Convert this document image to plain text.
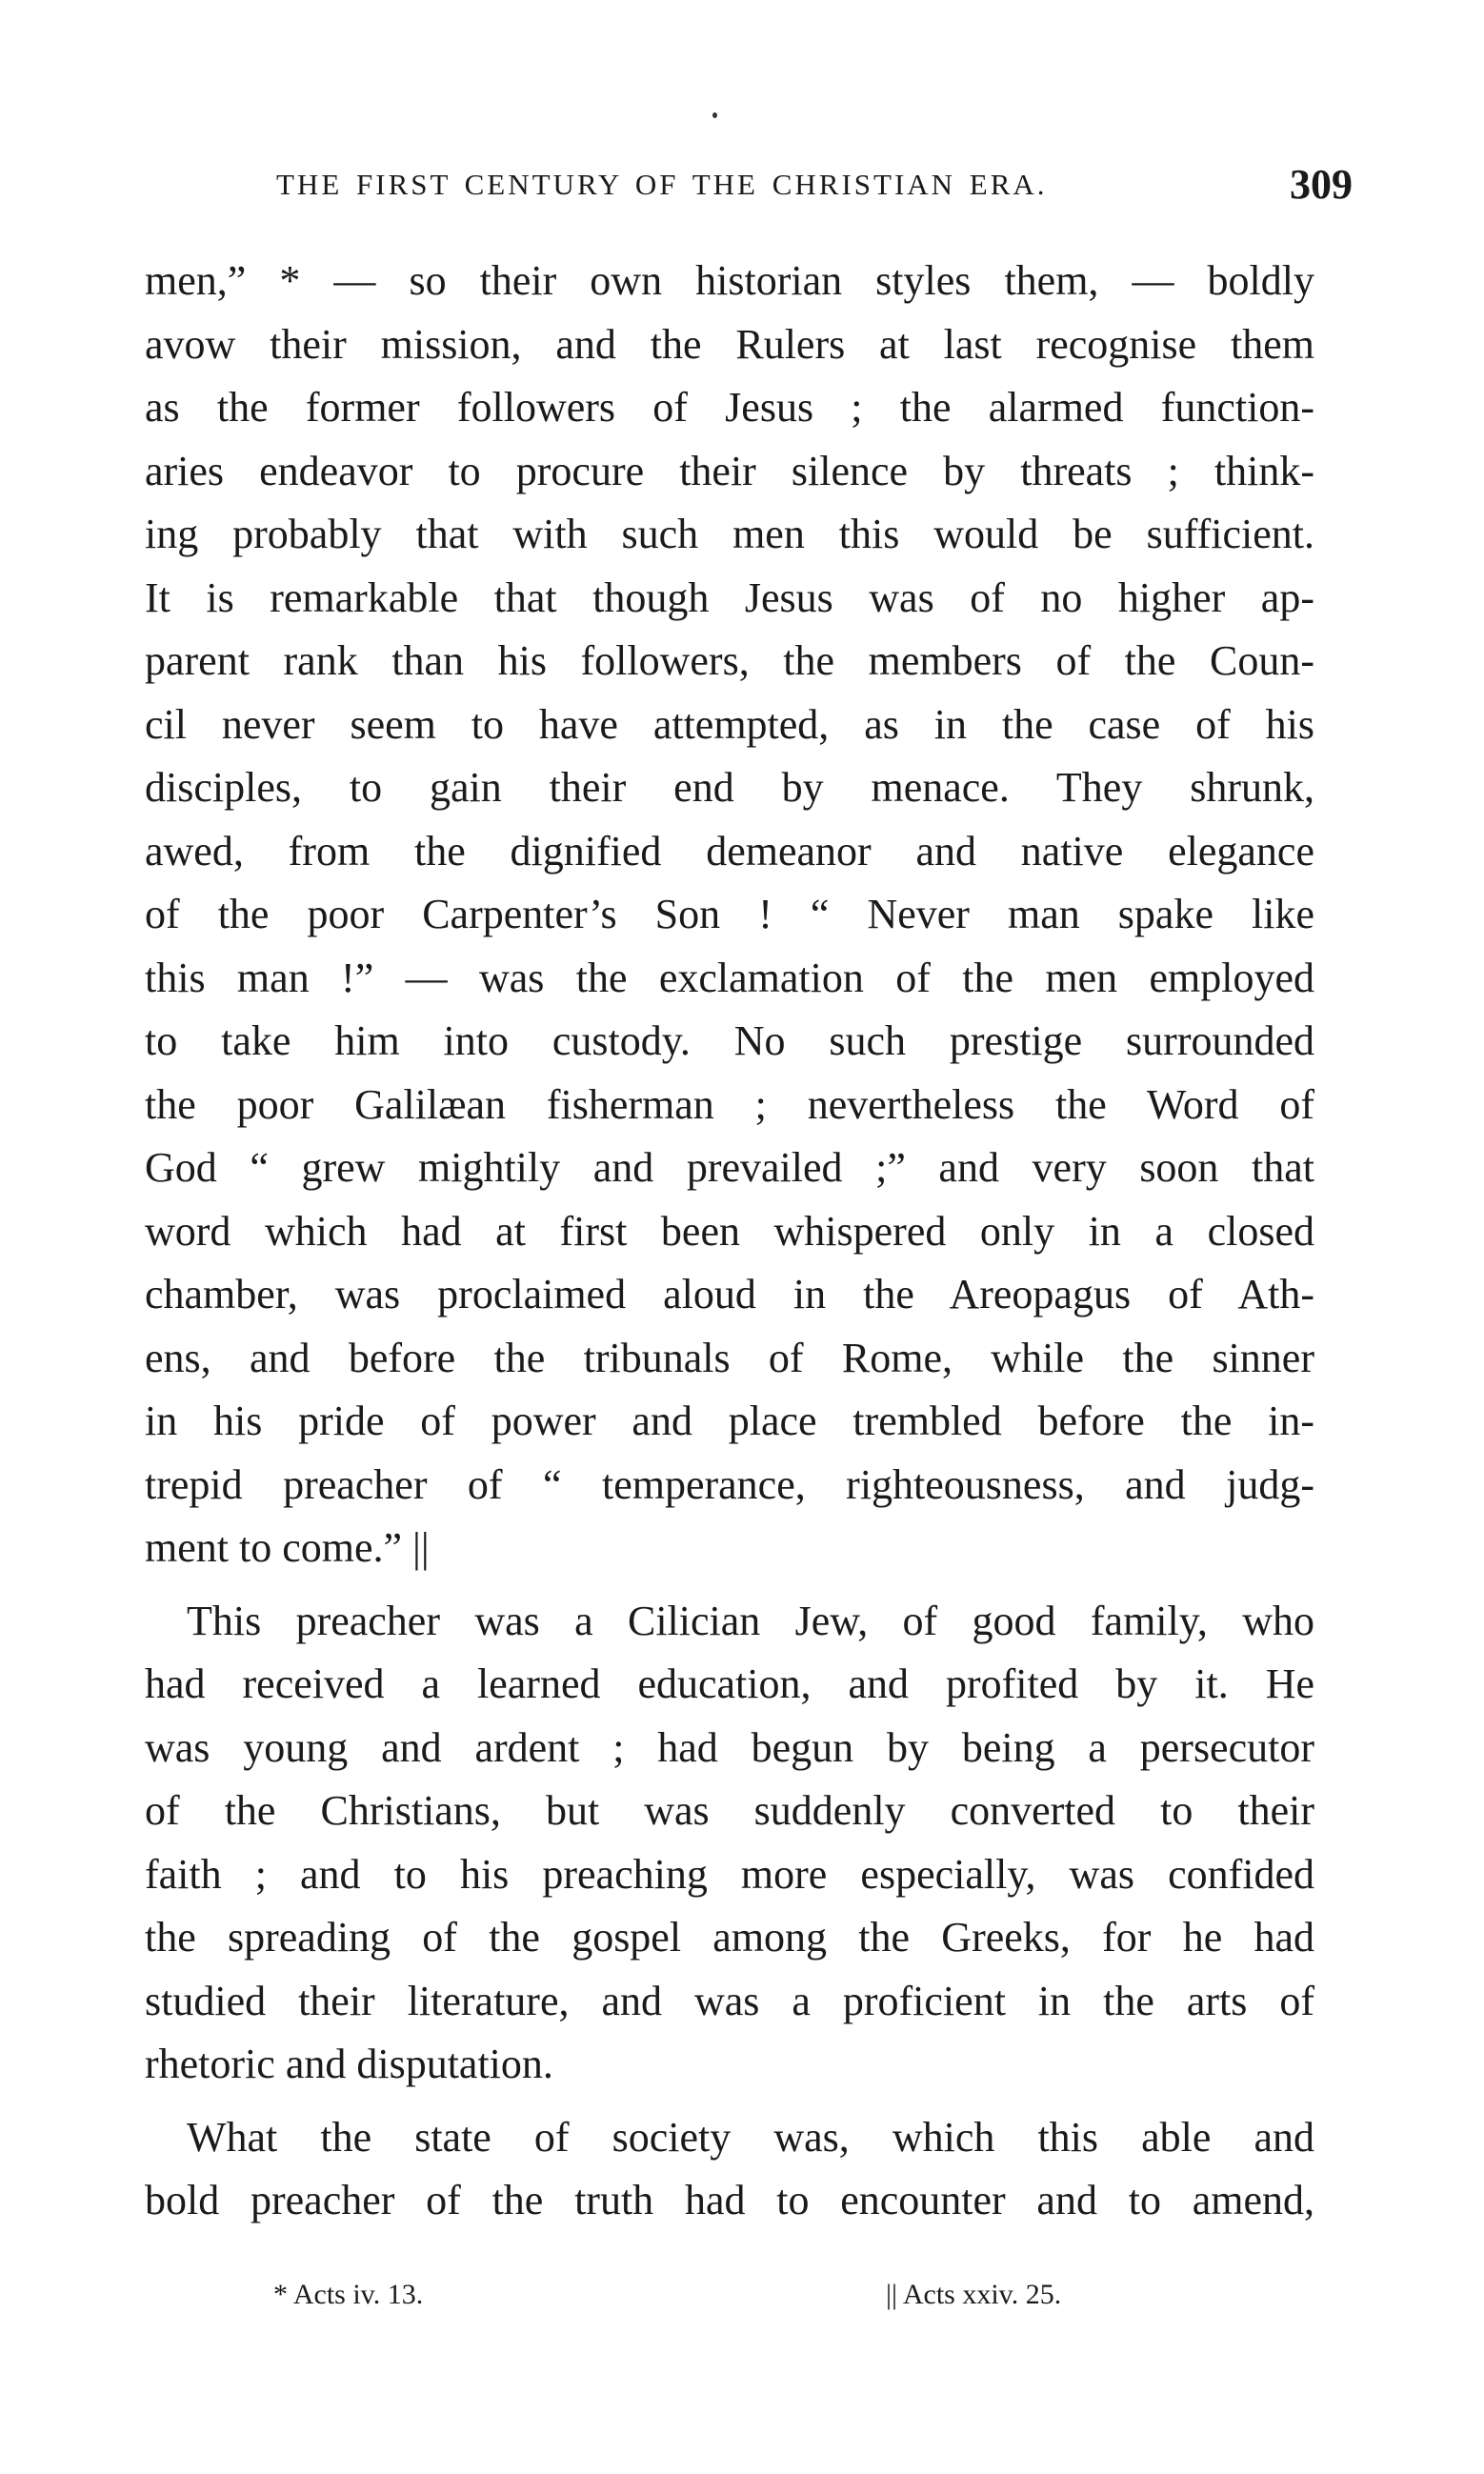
THE FIRST CENTURY OF THE CHRISTIAN ERA.	309
men,” * — so their own historian styles them, — boldly
avow their mission, and the Rulers at last recognise them
as the former followers of Jesus ; the alarmed function-
aries endeavor to procure their silence by threats ; think-
ing probably that with such men this would be sufficient.
It is remarkable that though Jesus was of no higher ap-
parent rank than his followers, the members of the Coun-
cil never seem to have attempted, as in the case of his
disciples, to gain their end by menace. They shrunk,
awed, from the dignified demeanor and native elegance
of the poor Carpenter’s Son ! “ Never man spake like
this man !” — was the exclamation of the men employed
to take him into custody. No such prestige surrounded
the poor Galilæan fisherman ; nevertheless the Word of
God “ grew mightily and prevailed ;” and very soon that
word which had at first been whispered only in a closed
chamber, was proclaimed aloud in the Areopagus of Ath-
ens, and before the tribunals of Rome, while the sinner
in his pride of power and place trembled before the in-
trepid preacher of “ temperance, righteousness, and judg-
ment to come.” ||
This preacher was a Cilician Jew, of good family, who
had received a learned education, and profited by it. He
was young and ardent ; had begun by being a persecutor
of the Christians, but was suddenly converted to their
faith ; and to his preaching more especially, was confided
the spreading of the gospel among the Greeks, for he had
studied their literature, and was a proficient in the arts of
rhetoric and disputation.
What the state of society was, which this able and
bold preacher of the truth had to encounter and to amend,
* Acts iv. 13.	|| Acts xxiv. 25.
